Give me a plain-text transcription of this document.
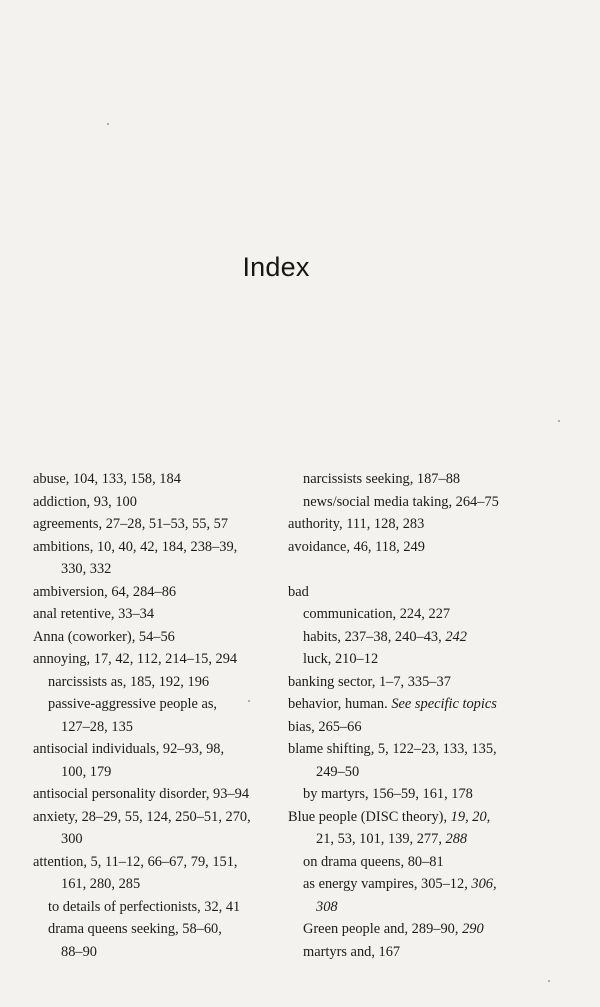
Index
abuse, 104, 133, 158, 184
addiction, 93, 100
agreements, 27–28, 51–53, 55, 57
ambitions, 10, 40, 42, 184, 238–39,
330, 332
ambiversion, 64, 284–86
anal retentive, 33–34
Anna (coworker), 54–56
annoying, 17, 42, 112, 214–15, 294
narcissists as, 185, 192, 196
passive-aggressive people as,
127–28, 135
antisocial individuals, 92–93, 98,
100, 179
antisocial personality disorder, 93–94
anxiety, 28–29, 55, 124, 250–51, 270,
300
attention, 5, 11–12, 66–67, 79, 151,
161, 280, 285
to details of perfectionists, 32, 41
drama queens seeking, 58–60,
88–90
narcissists seeking, 187–88
news/social media taking, 264–75
authority, 111, 128, 283
avoidance, 46, 118, 249
bad
communication, 224, 227
habits, 237–38, 240–43, 242
luck, 210–12
banking sector, 1–7, 335–37
behavior, human. See specific topics
bias, 265–66
blame shifting, 5, 122–23, 133, 135,
249–50
by martyrs, 156–59, 161, 178
Blue people (DISC theory), 19, 20,
21, 53, 101, 139, 277, 288
on drama queens, 80–81
as energy vampires, 305–12, 306,
308
Green people and, 289–90, 290
martyrs and, 167
